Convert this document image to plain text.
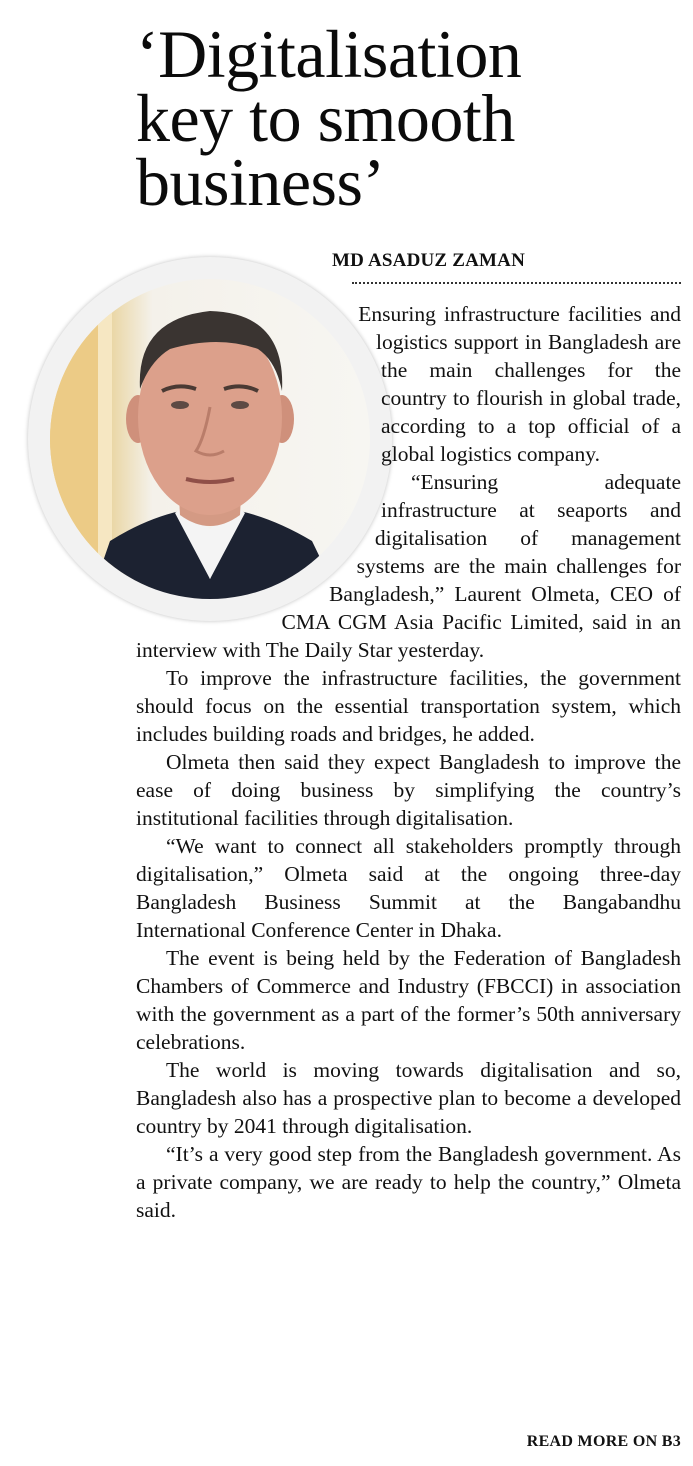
‘Digitalisation
key to smooth
business’
MD ASADUZ ZAMAN

Ensuring infrastructure facilities and logistics support in Bangladesh are the main challenges for the country to flourish in global trade, according to a top official of a global logistics company.

“Ensuring adequate infrastructure at seaports and digitalisation of management systems are the main challenges for Bangladesh,” Laurent Olmeta, CEO of CMA CGM Asia Pacific Limited, said in an interview with The Daily Star yesterday.

To improve the infrastructure facilities, the government should focus on the essential transportation system, which includes building roads and bridges, he added.

Olmeta then said they expect Bangladesh to improve the ease of doing business by simplifying the country’s institutional facilities through digitalisation.

“We want to connect all stakeholders promptly through digitalisation,” Olmeta said at the ongoing three-day Bangladesh Business Summit at the Bangabandhu International Conference Center in Dhaka.

The event is being held by the Federation of Bangladesh Chambers of Commerce and Industry (FBCCI) in association with the government as a part of the former’s 50th anniversary celebrations.

The world is moving towards digitalisation and so, Bangladesh also has a prospective plan to become a developed country by 2041 through digitalisation.

“It’s a very good step from the Bangladesh government. As a private company, we are ready to help the country,” Olmeta said.

READ MORE ON B3
